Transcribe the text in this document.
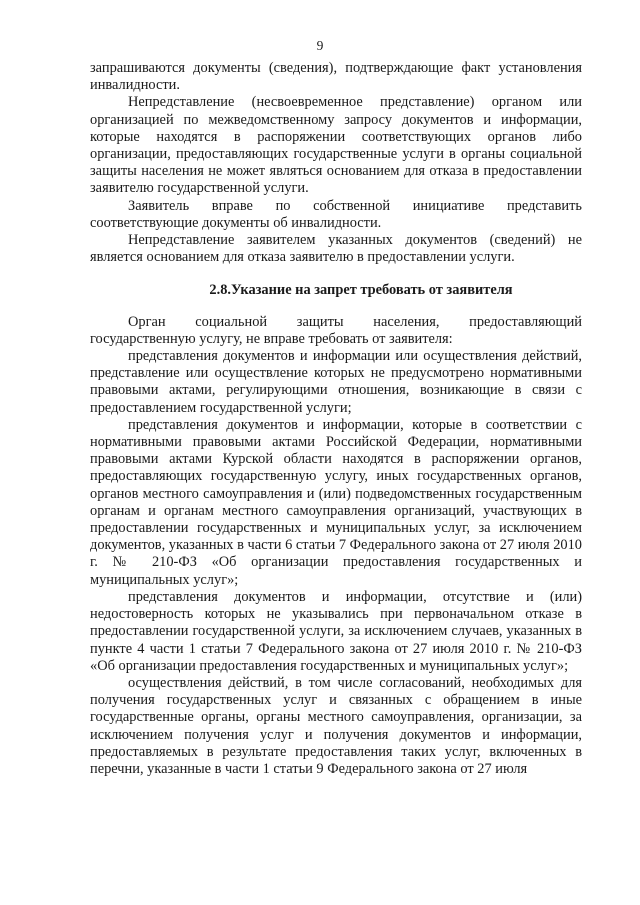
9

запрашиваются документы (сведения), подтверждающие факт установления инвалидности.

Непредставление (несвоевременное представление) органом или организацией по межведомственному запросу документов и информации, которые находятся в распоряжении соответствующих органов либо организации, предоставляющих государственные услуги в органы социальной защиты населения не может являться основанием для отказа в предоставлении заявителю государственной услуги.

Заявитель вправе по собственной инициативе представить соответствующие документы об инвалидности.

Непредставление заявителем указанных документов (сведений) не является основанием для отказа заявителю в предоставлении услуги.

2.8.Указание на запрет требовать от заявителя

Орган социальной защиты населения, предоставляющий государственную услугу, не вправе требовать от заявителя:

представления документов и информации или осуществления действий, представление или осуществление которых не предусмотрено нормативными правовыми актами, регулирующими отношения, возникающие в связи с предоставлением государственной услуги;

представления документов и информации, которые в соответствии с нормативными правовыми актами Российской Федерации, нормативными правовыми актами Курской области находятся в распоряжении органов, предоставляющих государственную услугу, иных государственных органов, органов местного самоуправления и (или) подведомственных государственным органам и органам местного самоуправления организаций, участвующих в предоставлении государственных и муниципальных услуг, за исключением документов, указанных в части 6 статьи 7 Федерального закона от 27 июля 2010 г. № 210-ФЗ «Об организации предоставления государственных и муниципальных услуг»;

представления документов и информации, отсутствие и (или) недостоверность которых не указывались при первоначальном отказе в предоставлении государственной услуги, за исключением случаев, указанных в пункте 4 части 1 статьи 7 Федерального закона от 27 июля 2010 г. № 210-ФЗ «Об организации предоставления государственных и муниципальных услуг»;

осуществления действий, в том числе согласований, необходимых для получения государственных услуг и связанных с обращением в иные государственные органы, органы местного самоуправления, организации, за исключением получения услуг и получения документов и информации, предоставляемых в результате предоставления таких услуг, включенных в перечни, указанные в части 1 статьи 9 Федерального закона от 27 июля
